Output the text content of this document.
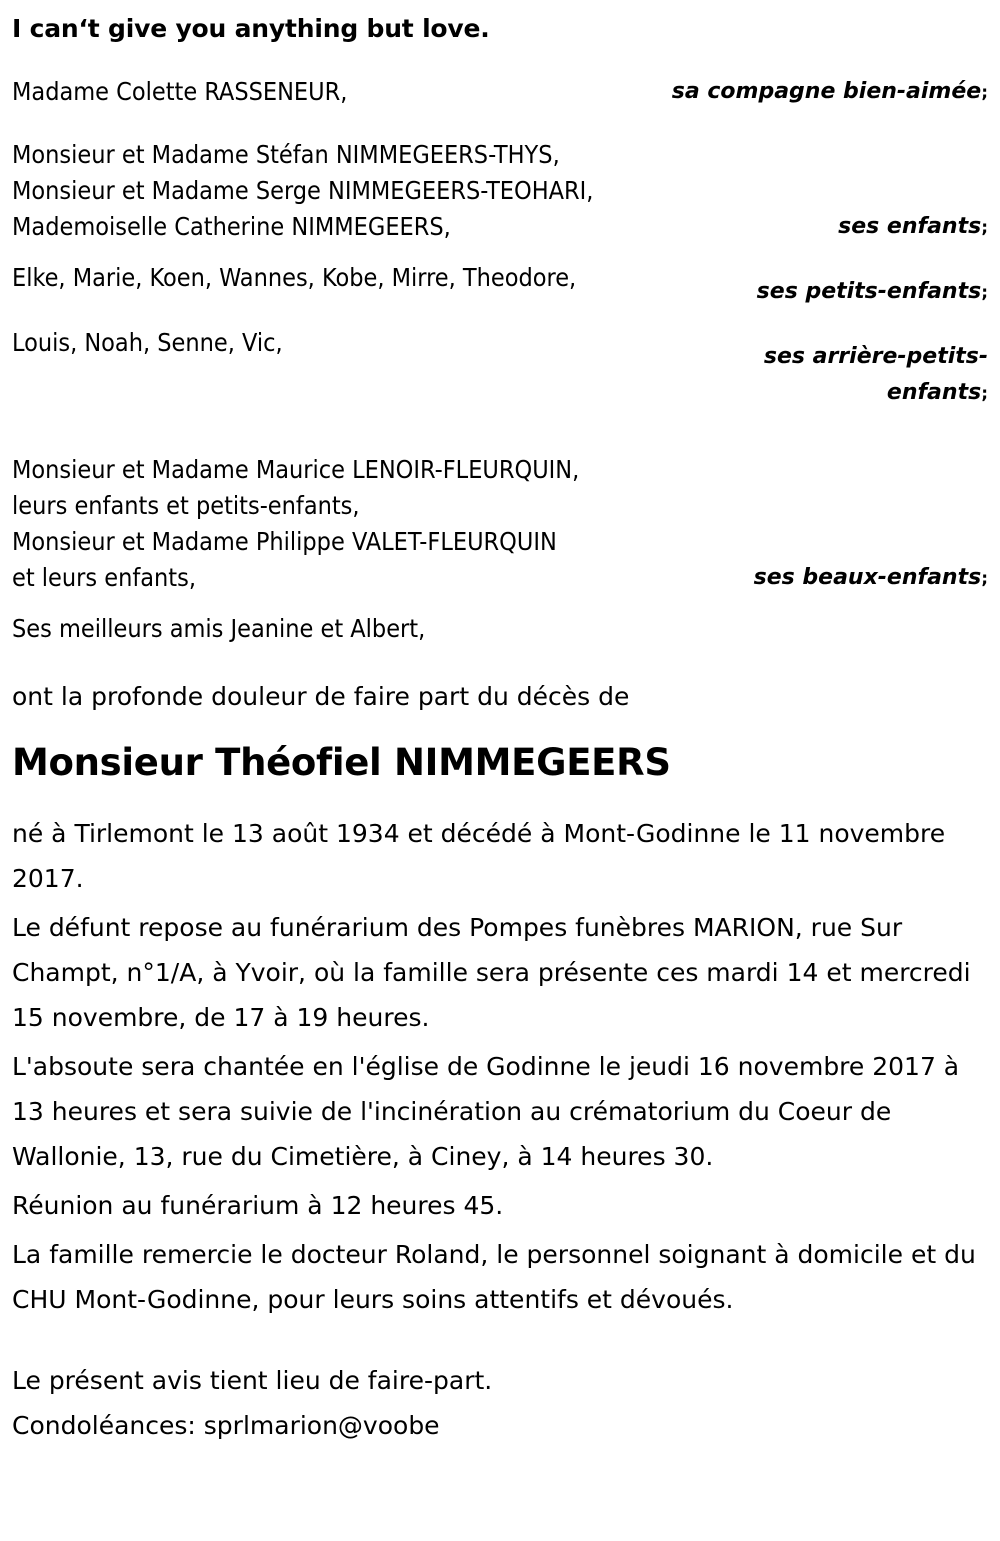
I can‘t give you anything but love.
Madame Colette RASSENEUR,	sa compagne bien-aimée;
Monsieur et Madame Stéfan NIMMEGEERS-THYS,
Monsieur et Madame Serge NIMMEGEERS-TEOHARI,
Mademoiselle Catherine NIMMEGEERS,	ses enfants;
Elke, Marie, Koen, Wannes, Kobe, Mirre, Theodore,	ses petits-enfants;
Louis, Noah, Senne, Vic,	ses arrière-petits-enfants;
Monsieur et Madame Maurice LENOIR-FLEURQUIN,
leurs enfants et petits-enfants,
Monsieur et Madame Philippe VALET-FLEURQUIN
et leurs enfants,	ses beaux-enfants;
Ses meilleurs amis Jeanine et Albert,
ont la profonde douleur de faire part du décès de
Monsieur Théofiel NIMMEGEERS

né à Tirlemont le 13 août 1934 et décédé à Mont-Godinne le 11 novembre 2017.

Le défunt repose au funérarium des Pompes funèbres MARION, rue Sur Champt, n°1/A, à Yvoir, où la famille sera présente ces mardi 14 et mercredi 15 novembre, de 17 à 19 heures.

L'absoute sera chantée en l'église de Godinne le jeudi 16 novembre 2017 à 13 heures et sera suivie de l'incinération au crématorium du Coeur de Wallonie, 13, rue du Cimetière, à Ciney, à 14 heures 30.

Réunion au funérarium à 12 heures 45.

La famille remercie le docteur Roland, le personnel soignant à domicile et du CHU Mont-Godinne, pour leurs soins attentifs et dévoués.

Le présent avis tient lieu de faire-part.

Condoléances: sprlmarion@voobe
